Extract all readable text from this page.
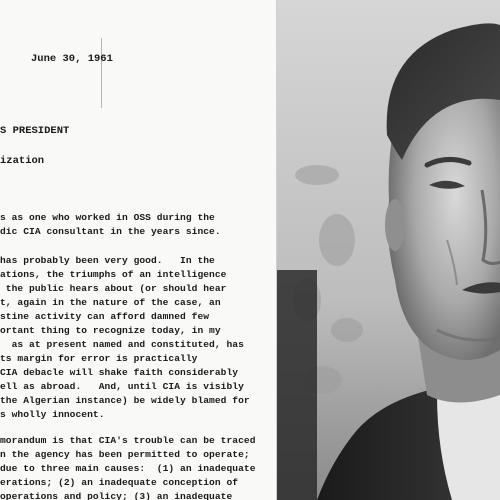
June 30, 1961
S PRESIDENT
ization
s as one who worked in OSS during the
dic CIA consultant in the years since.
has probably been very good.   In the
ations, the triumphs of an intelligence
the public hears about (or should hear
t, again in the nature of the case, an
stine activity can afford damned few
ortant thing to recognize today, in my
as at present named and constituted, has
ts margin for error is practically
CIA debacle will shake faith considerably
ell as abroad.   And, until CIA is visibly
the Algerian instance) be widely blamed for
s wholly innocent.
morandum is that CIA's trouble can be traced
n the agency has been permitted to operate;
due to three main causes:  (1) an inadequate
erations; (2) an inadequate conception of
operations and policy; (3) an inadequate
